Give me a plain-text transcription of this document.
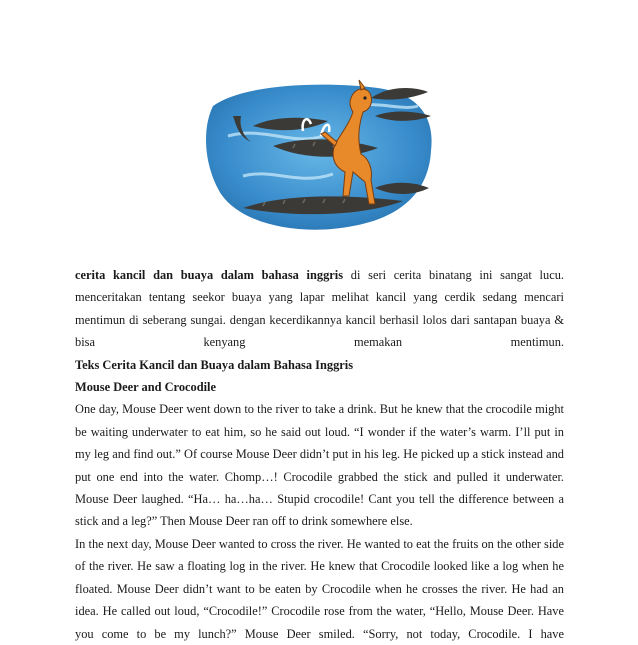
cerita kancil dan buaya dalam bahasa inggris di seri cerita binatang ini sangat lucu. menceritakan tentang seekor buaya yang lapar melihat kancil yang cerdik sedang mencari mentimun di seberang sungai. dengan kecerdikannya kancil berhasil lolos dari santapan buaya & bisa kenyang memakan mentimun.

Teks Cerita Kancil dan Buaya dalam Bahasa Inggris

Mouse Deer and Crocodile

One day, Mouse Deer went down to the river to take a drink. But he knew that the crocodile might be waiting underwater to eat him, so he said out loud. “I wonder if the water’s warm. I’ll put in my leg and find out.” Of course Mouse Deer didn’t put in his leg. He picked up a stick instead and put one end into the water. Chomp…! Crocodile grabbed the stick and pulled it underwater. Mouse Deer laughed. “Ha… ha…ha… Stupid crocodile! Cant you tell the difference between a stick and a leg?” Then Mouse Deer ran off to drink somewhere else.

In the next day, Mouse Deer wanted to cross the river. He wanted to eat the fruits on the other side of the river. He saw a floating log in the river. He knew that Crocodile looked like a log when he floated. Mouse Deer didn’t want to be eaten by Crocodile when he crosses the river. He had an idea. He called out loud, “Crocodile!” Crocodile rose from the water, “Hello, Mouse Deer. Have you come to be my lunch?” Mouse Deer smiled. “Sorry, not today, Crocodile. I have
